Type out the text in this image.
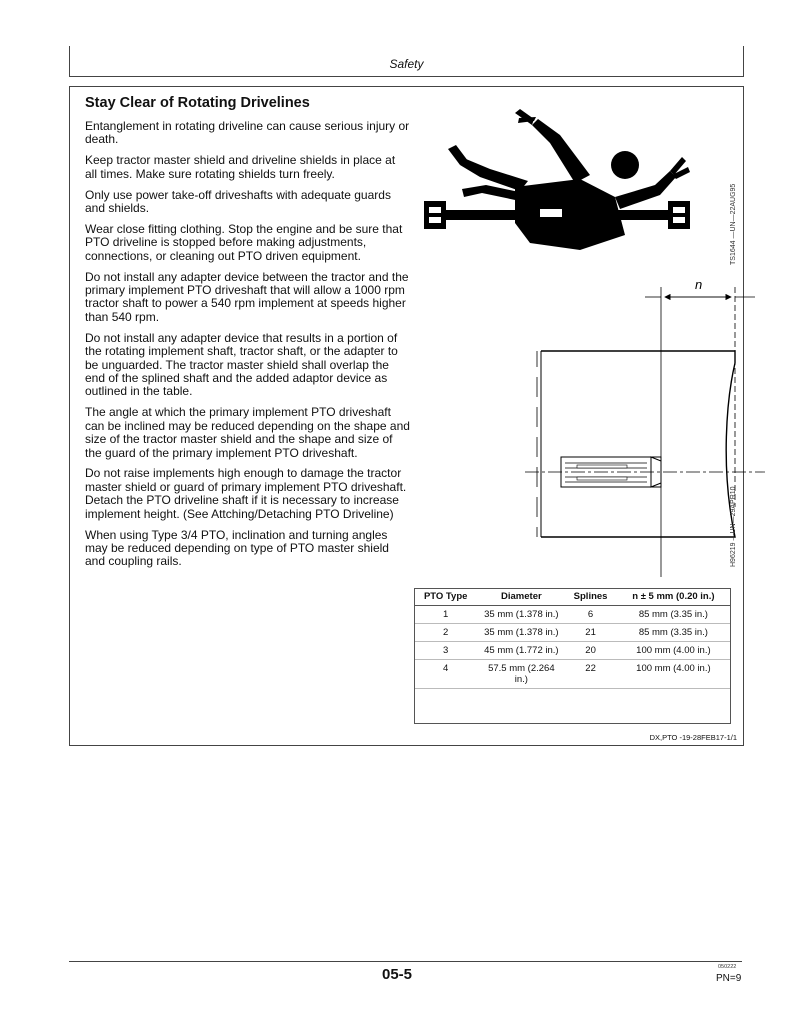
Safety
Stay Clear of Rotating Drivelines

Entanglement in rotating driveline can cause serious injury or death.

Keep tractor master shield and driveline shields in place at all times. Make sure rotating shields turn freely.

Only use power take-off driveshafts with adequate guards and shields.

Wear close fitting clothing. Stop the engine and be sure that PTO driveline is stopped before making adjustments, connections, or cleaning out PTO driven equipment.

Do not install any adapter device between the tractor and the primary implement PTO driveshaft that will allow a 1000 rpm tractor shaft to power a 540 rpm implement at speeds higher than 540 rpm.

Do not install any adapter device that results in a portion of the rotating implement shaft, tractor shaft, or the adapter to be unguarded. The tractor master shield shall overlap the end of the splined shaft and the added adaptor device as outlined in the table.

The angle at which the primary implement PTO driveshaft can be inclined may be reduced depending on the shape and size of the tractor master shield and the shape and size of the guard of the primary implement PTO driveshaft.

Do not raise implements high enough to damage the tractor master shield or guard of primary implement PTO driveshaft. Detach the PTO driveline shaft if it is necessary to increase implement height. (See Attching/Detaching PTO Driveline)

When using Type 3/4 PTO, inclination and turning angles may be reduced depending on type of PTO master shield and coupling rails.

TS1644 —UN—22AUG95
n
H96219 —UN—29APR10
PTO Type	Diameter	Splines	n ± 5 mm (0.20 in.)
1	35 mm (1.378 in.)	6	85 mm (3.35 in.)
2	35 mm (1.378 in.)	21	85 mm (3.35 in.)
3	45 mm (1.772 in.)	20	100 mm (4.00 in.)
4	57.5 mm (2.264 in.)	22	100 mm (4.00 in.)
DX,PTO -19-28FEB17-1/1
05-5	050222
PN=9
